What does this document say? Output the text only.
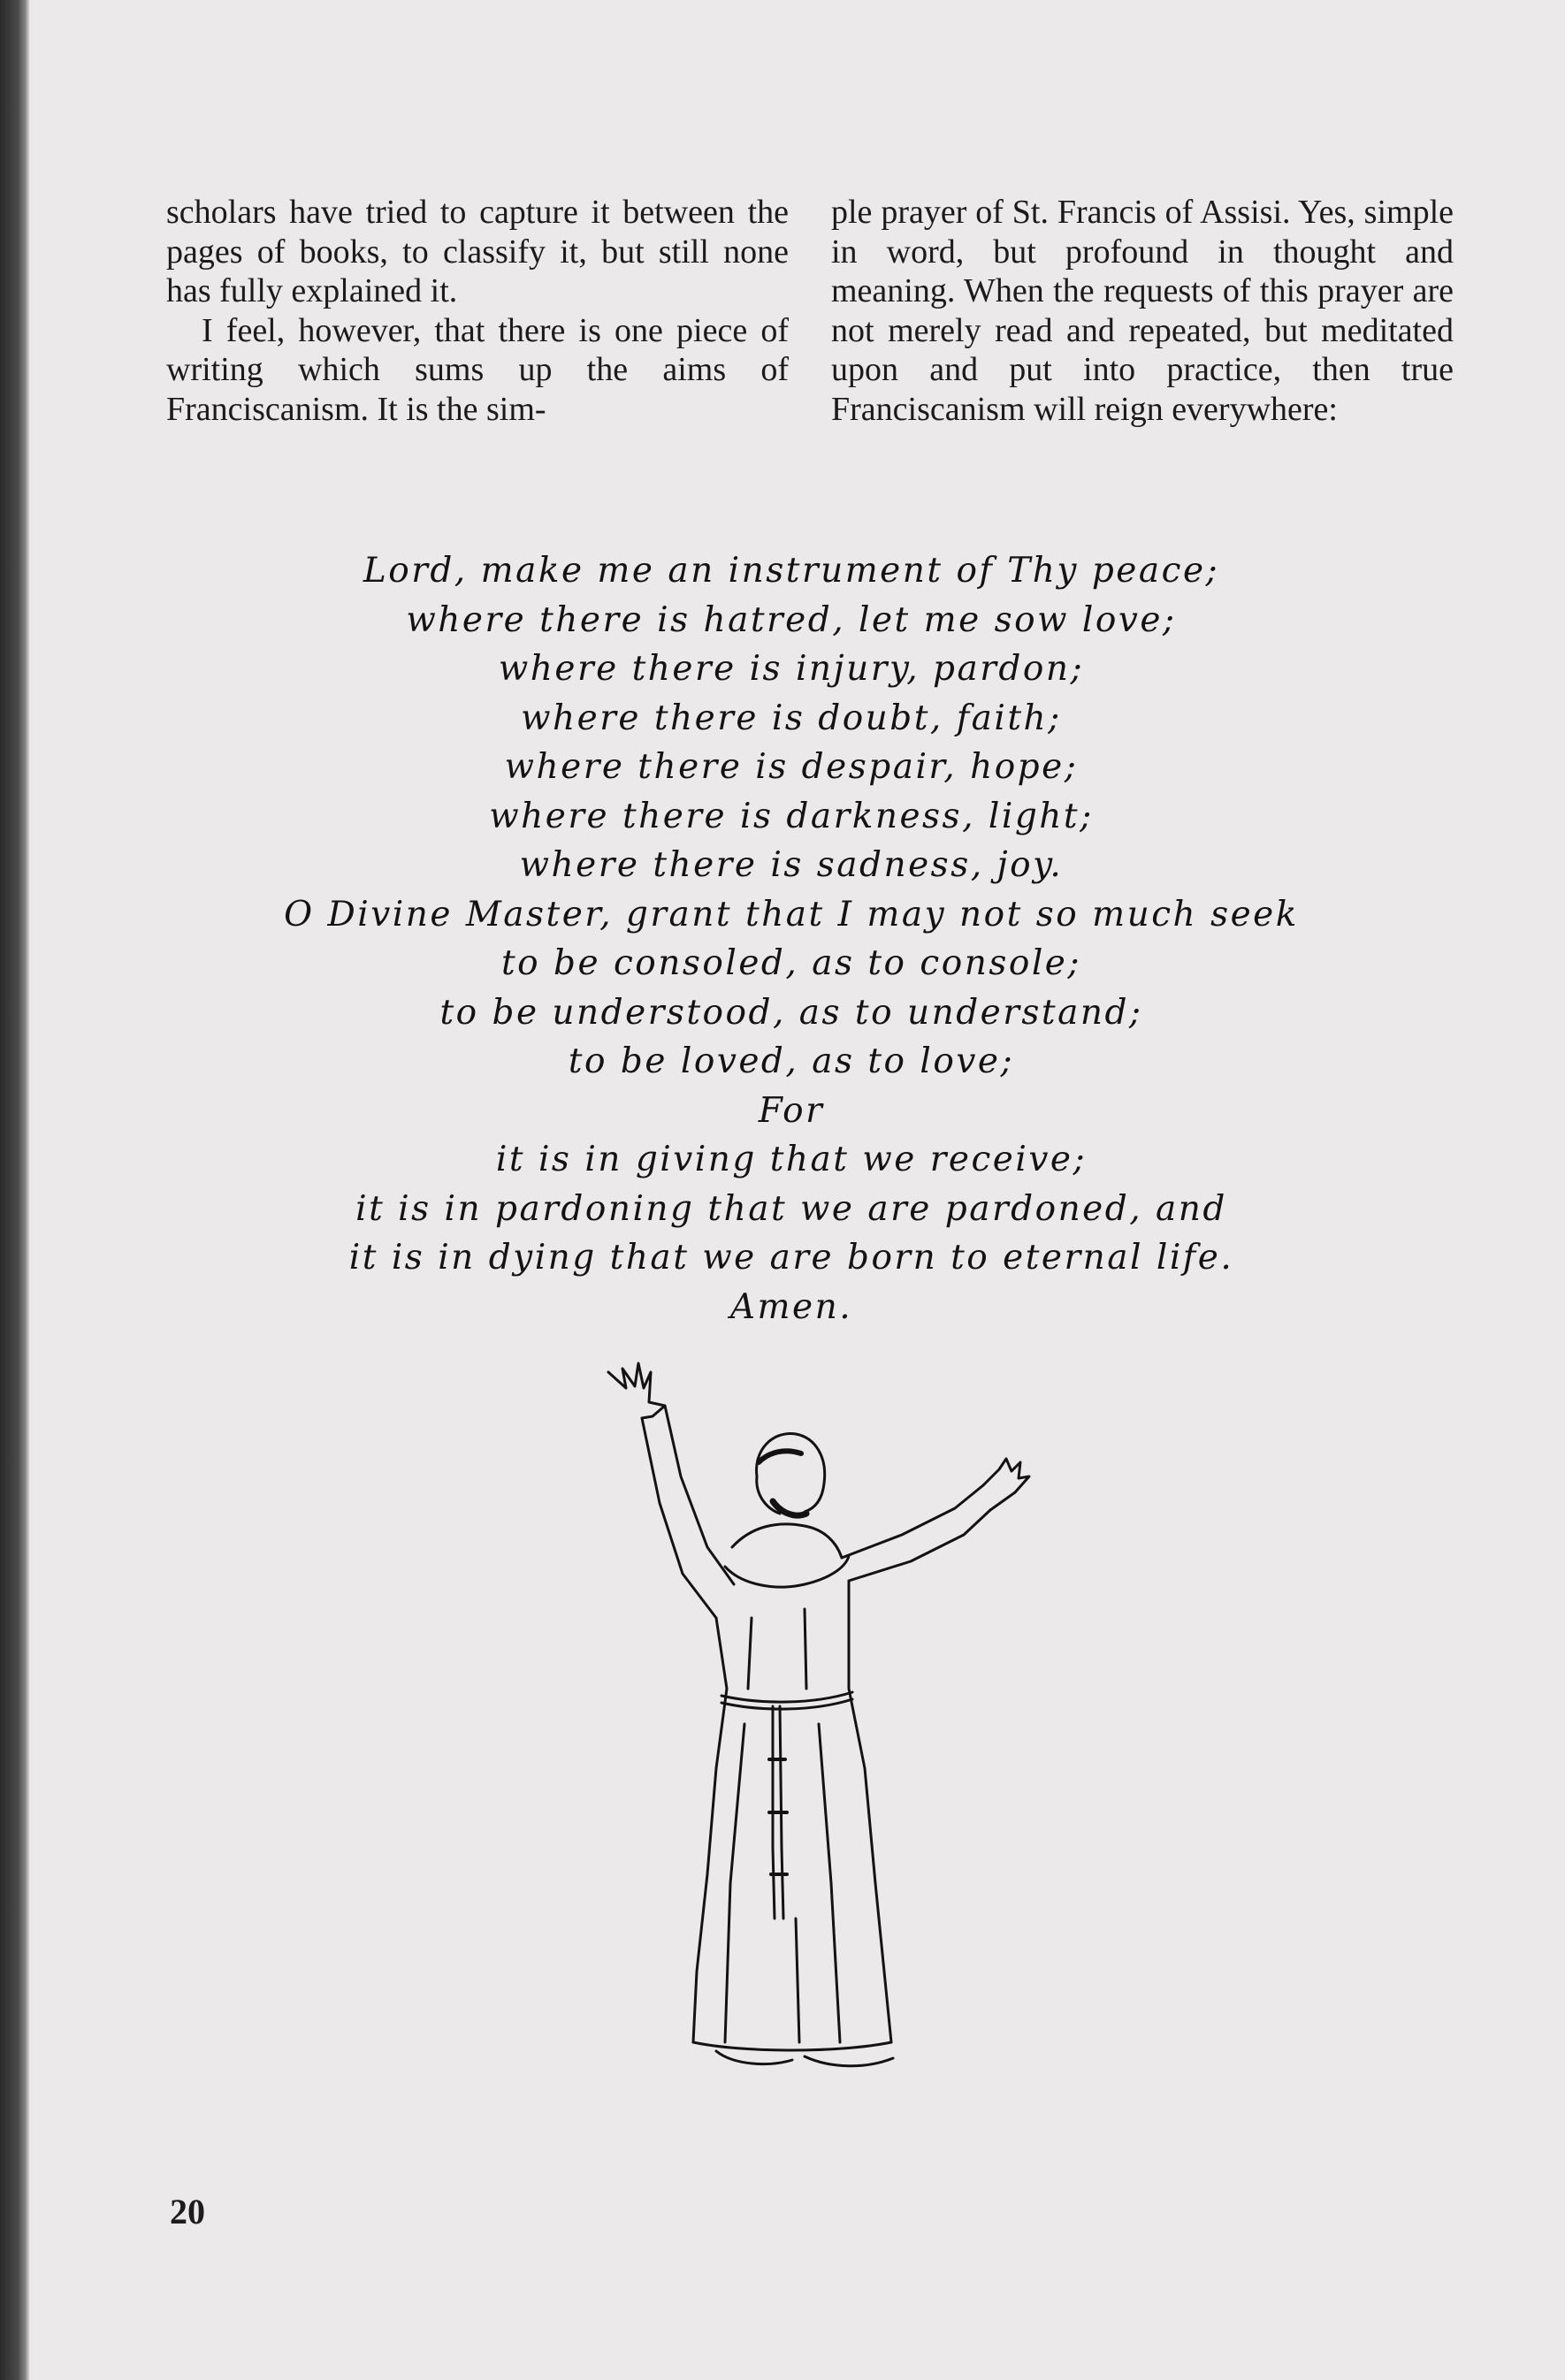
scholars have tried to capture it between the pages of books, to classify it, but still none has fully explained it.

I feel, however, that there is one piece of writing which sums up the aims of Franciscanism. It is the sim-

ple prayer of St. Francis of Assisi. Yes, simple in word, but profound in thought and meaning. When the requests of this prayer are not merely read and repeated, but meditated upon and put into practice, then true Franciscanism will reign everywhere:

Lord, make me an instrument of Thy peace;
where there is hatred, let me sow love;
where there is injury, pardon;
where there is doubt, faith;
where there is despair, hope;
where there is darkness, light;
where there is sadness, joy.
O Divine Master, grant that I may not so much seek
to be consoled, as to console;
to be understood, as to understand;
to be loved, as to love;
For
it is in giving that we receive;
it is in pardoning that we are pardoned, and
it is in dying that we are born to eternal life.
Amen.
20
